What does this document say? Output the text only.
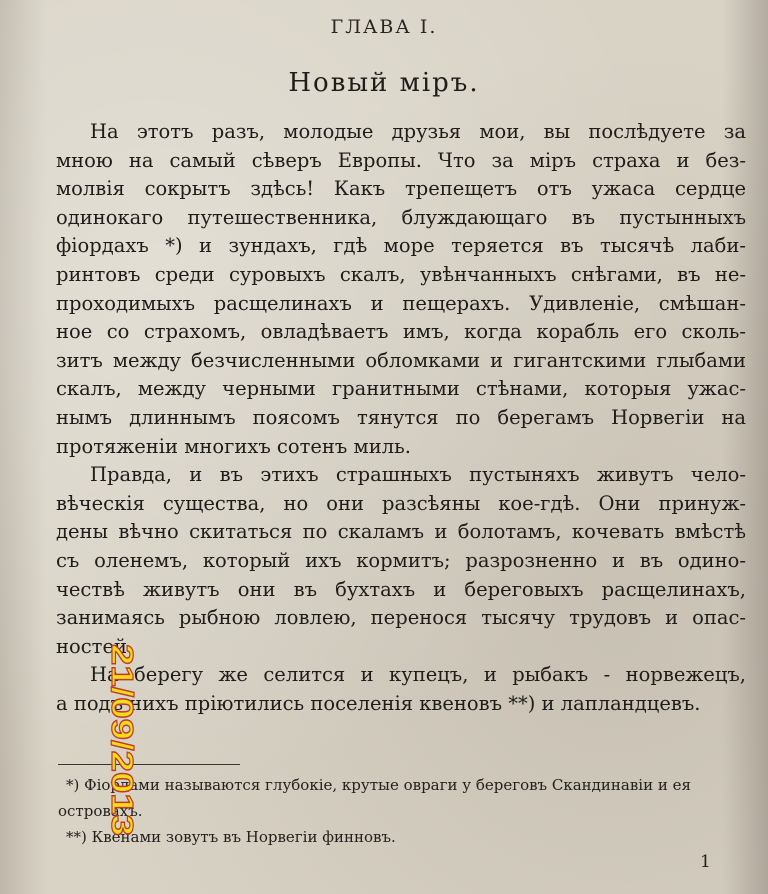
ГЛАВА I.
Новый міръ.
На этотъ разъ, молодые друзья мои, вы послѣдуете за
мною на самый сѣверъ Европы. Что за міръ страха и без-
молвія сокрытъ здѣсь! Какъ трепещетъ отъ ужаса сердце
одинокаго путешественника, блуждающаго въ пустынныхъ
фіордахъ *) и зундахъ, гдѣ море теряется въ тысячѣ лаби-
ринтовъ среди суровыхъ скалъ, увѣнчанныхъ снѣгами, въ не-
проходимыхъ расщелинахъ и пещерахъ. Удивленіе, смѣшан-
ное со страхомъ, овладѣваетъ имъ, когда корабль его сколь-
зитъ между безчисленными обломками и гигантскими глыбами
скалъ, между черными гранитными стѣнами, которыя ужас-
нымъ длиннымъ поясомъ тянутся по берегамъ Норвегіи на
протяженіи многихъ сотенъ миль.
Правда, и въ этихъ страшныхъ пустыняхъ живутъ чело-
вѣческія существа, но они разсѣяны кое-гдѣ. Они принуж-
дены вѣчно скитаться по скаламъ и болотамъ, кочевать вмѣстѣ
съ оленемъ, который ихъ кормитъ; разрозненно и въ одино-
чествѣ живутъ они въ бухтахъ и береговыхъ расщелинахъ,
занимаясь рыбною ловлею, перенося тысячу трудовъ и опас-
ностей.
На берегу же селится и купецъ, и рыбакъ - норвежецъ,
а подъ нихъ пріютились поселенія квеновъ **) и лапландцевъ.
*) Фіордами называются глубокіе, крутые овраги у береговъ Скандинавіи и ея
островахъ.
**) Квенами зовутъ въ Норвегіи финновъ.
1
21/09/2013
